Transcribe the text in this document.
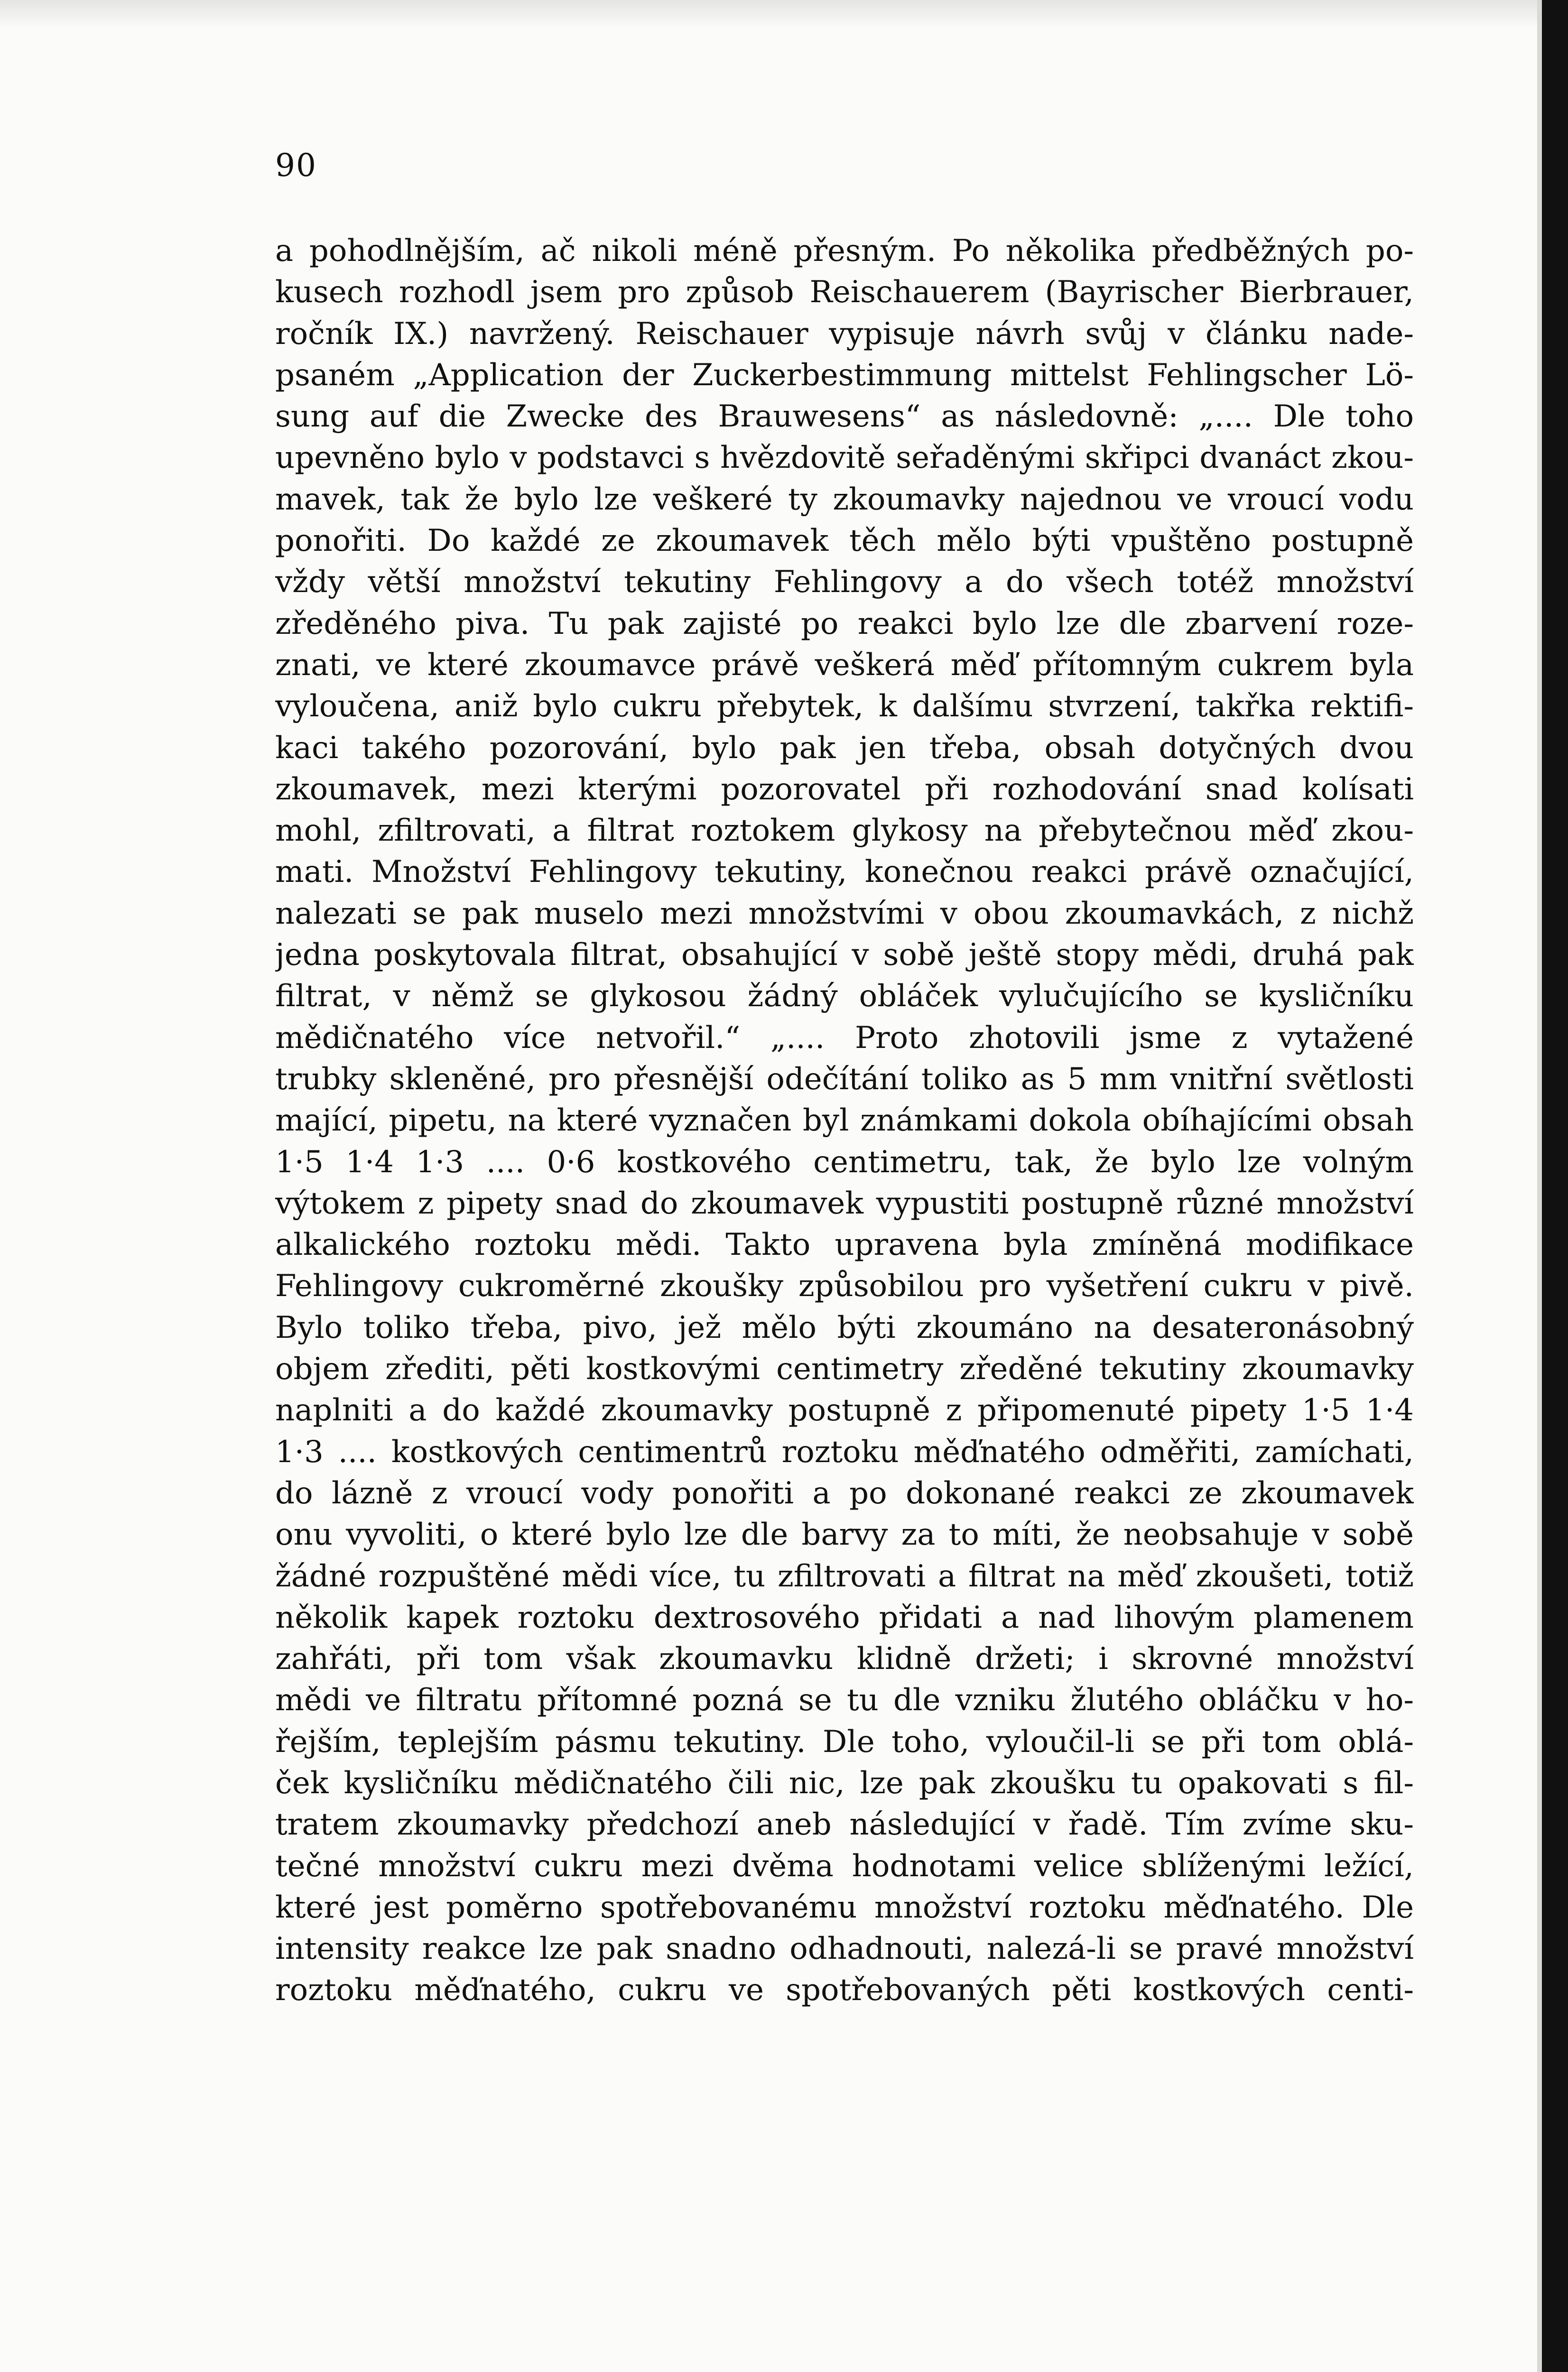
90
a pohodlnějším, ač nikoli méně přesným. Po několika předběžných po-
kusech rozhodl jsem pro způsob Reischauerem (Bayrischer Bierbrauer,
ročník IX.) navržený. Reischauer vypisuje návrh svůj v článku nade-
psaném „Application der Zuckerbestimmung mittelst Fehlingscher Lö-
sung auf die Zwecke des Brauwesens“ as následovně: „.... Dle toho
upevněno bylo v podstavci s hvězdovitě seřaděnými skřipci dvanáct zkou-
mavek, tak že bylo lze veškeré ty zkoumavky najednou ve vroucí vodu
ponořiti. Do každé ze zkoumavek těch mělo býti vpuštěno postupně
vždy větší množství tekutiny Fehlingovy a do všech totéž množství
zředěného piva. Tu pak zajisté po reakci bylo lze dle zbarvení roze-
znati, ve které zkoumavce právě veškerá měď přítomným cukrem byla
vyloučena, aniž bylo cukru přebytek, k dalšímu stvrzení, takřka rektifi-
kaci takého pozorování, bylo pak jen třeba, obsah dotyčných dvou
zkoumavek, mezi kterými pozorovatel při rozhodování snad kolísati
mohl, zfiltrovati, a filtrat roztokem glykosy na přebytečnou měď zkou-
mati. Množství Fehlingovy tekutiny, konečnou reakci právě označující,
nalezati se pak muselo mezi množstvími v obou zkoumavkách, z nichž
jedna poskytovala filtrat, obsahující v sobě ještě stopy mědi, druhá pak
filtrat, v němž se glykosou žádný obláček vylučujícího se kysličníku
mědičnatého více netvořil.“ „.... Proto zhotovili jsme z vytažené
trubky skleněné, pro přesnější odečítání toliko as 5 mm vnitřní světlosti
mající, pipetu, na které vyznačen byl známkami dokola obíhajícími obsah
1·5 1·4 1·3 .... 0·6 kostkového centimetru, tak, že bylo lze volným
výtokem z pipety snad do zkoumavek vypustiti postupně různé množství
alkalického roztoku mědi. Takto upravena byla zmíněná modifikace
Fehlingovy cukroměrné zkoušky způsobilou pro vyšetření cukru v pivě.
Bylo toliko třeba, pivo, jež mělo býti zkoumáno na desateronásobný
objem zřediti, pěti kostkovými centimetry zředěné tekutiny zkoumavky
naplniti a do každé zkoumavky postupně z připomenuté pipety 1·5 1·4
1·3 .... kostkových centimentrů roztoku měďnatého odměřiti, zamíchati,
do lázně z vroucí vody ponořiti a po dokonané reakci ze zkoumavek
onu vyvoliti, o které bylo lze dle barvy za to míti, že neobsahuje v sobě
žádné rozpuštěné mědi více, tu zfiltrovati a filtrat na měď zkoušeti, totiž
několik kapek roztoku dextrosového přidati a nad lihovým plamenem
zahřáti, při tom však zkoumavku klidně držeti; i skrovné množství
mědi ve filtratu přítomné pozná se tu dle vzniku žlutého obláčku v ho-
řejším, teplejším pásmu tekutiny. Dle toho, vyloučil-li se při tom oblá-
ček kysličníku mědičnatého čili nic, lze pak zkoušku tu opakovati s fil-
tratem zkoumavky předchozí aneb následující v řadě. Tím zvíme sku-
tečné množství cukru mezi dvěma hodnotami velice sblíženými ležící,
které jest poměrno spotřebovanému množství roztoku měďnatého. Dle
intensity reakce lze pak snadno odhadnouti, nalezá-li se pravé množství
roztoku měďnatého, cukru ve spotřebovaných pěti kostkových centi-
